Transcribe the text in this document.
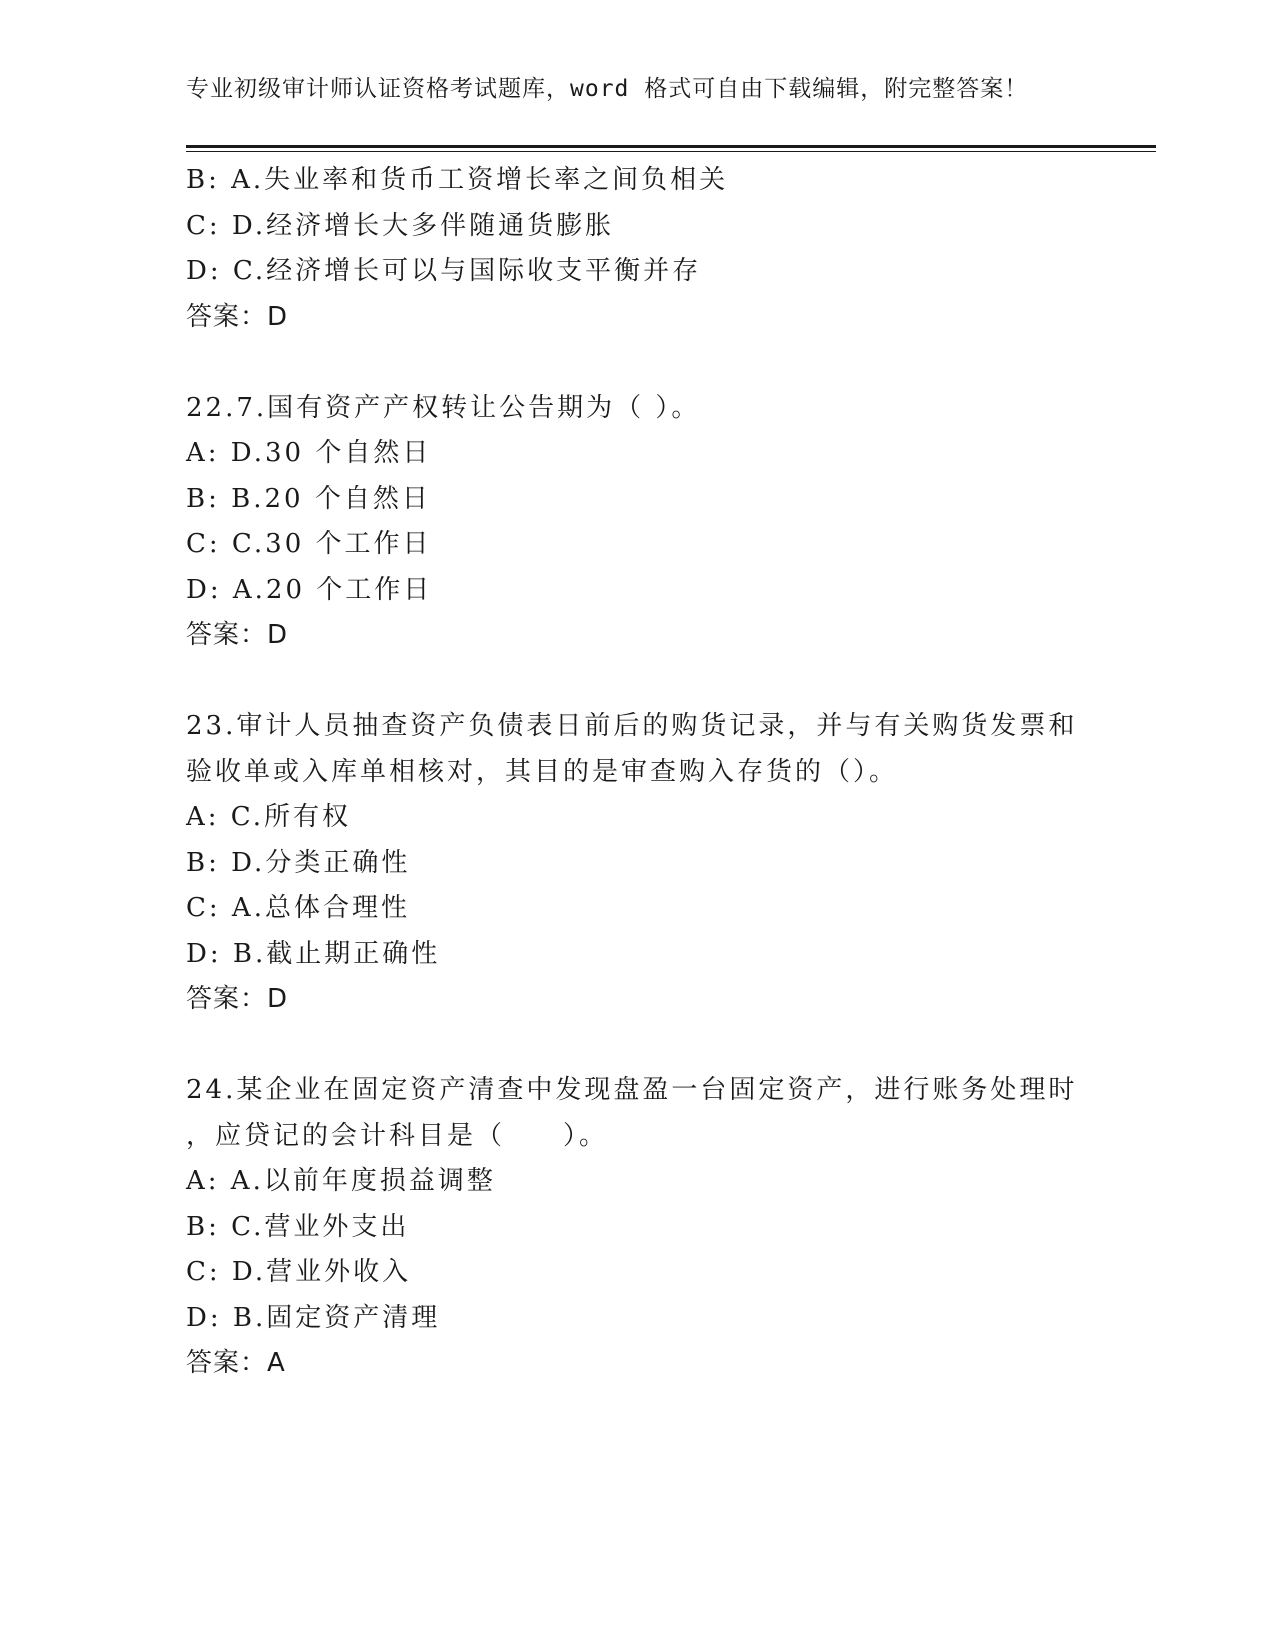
专业初级审计师认证资格考试题库，word 格式可自由下载编辑，附完整答案！
B: A.失业率和货币工资增长率之间负相关
C: D.经济增长大多伴随通货膨胀
D: C.经济增长可以与国际收支平衡并存
答案：D
22.7.国有资产产权转让公告期为（ ）。
A: D.30 个自然日
B: B.20 个自然日
C: C.30 个工作日
D: A.20 个工作日
答案：D
23.审计人员抽查资产负债表日前后的购货记录，并与有关购货发票和
验收单或入库单相核对，其目的是审查购入存货的（）。
A: C.所有权
B: D.分类正确性
C: A.总体合理性
D: B.截止期正确性
答案：D
24.某企业在固定资产清查中发现盘盈一台固定资产，进行账务处理时
，应贷记的会计科目是（　　）。
A: A.以前年度损益调整
B: C.营业外支出
C: D.营业外收入
D: B.固定资产清理
答案：A
